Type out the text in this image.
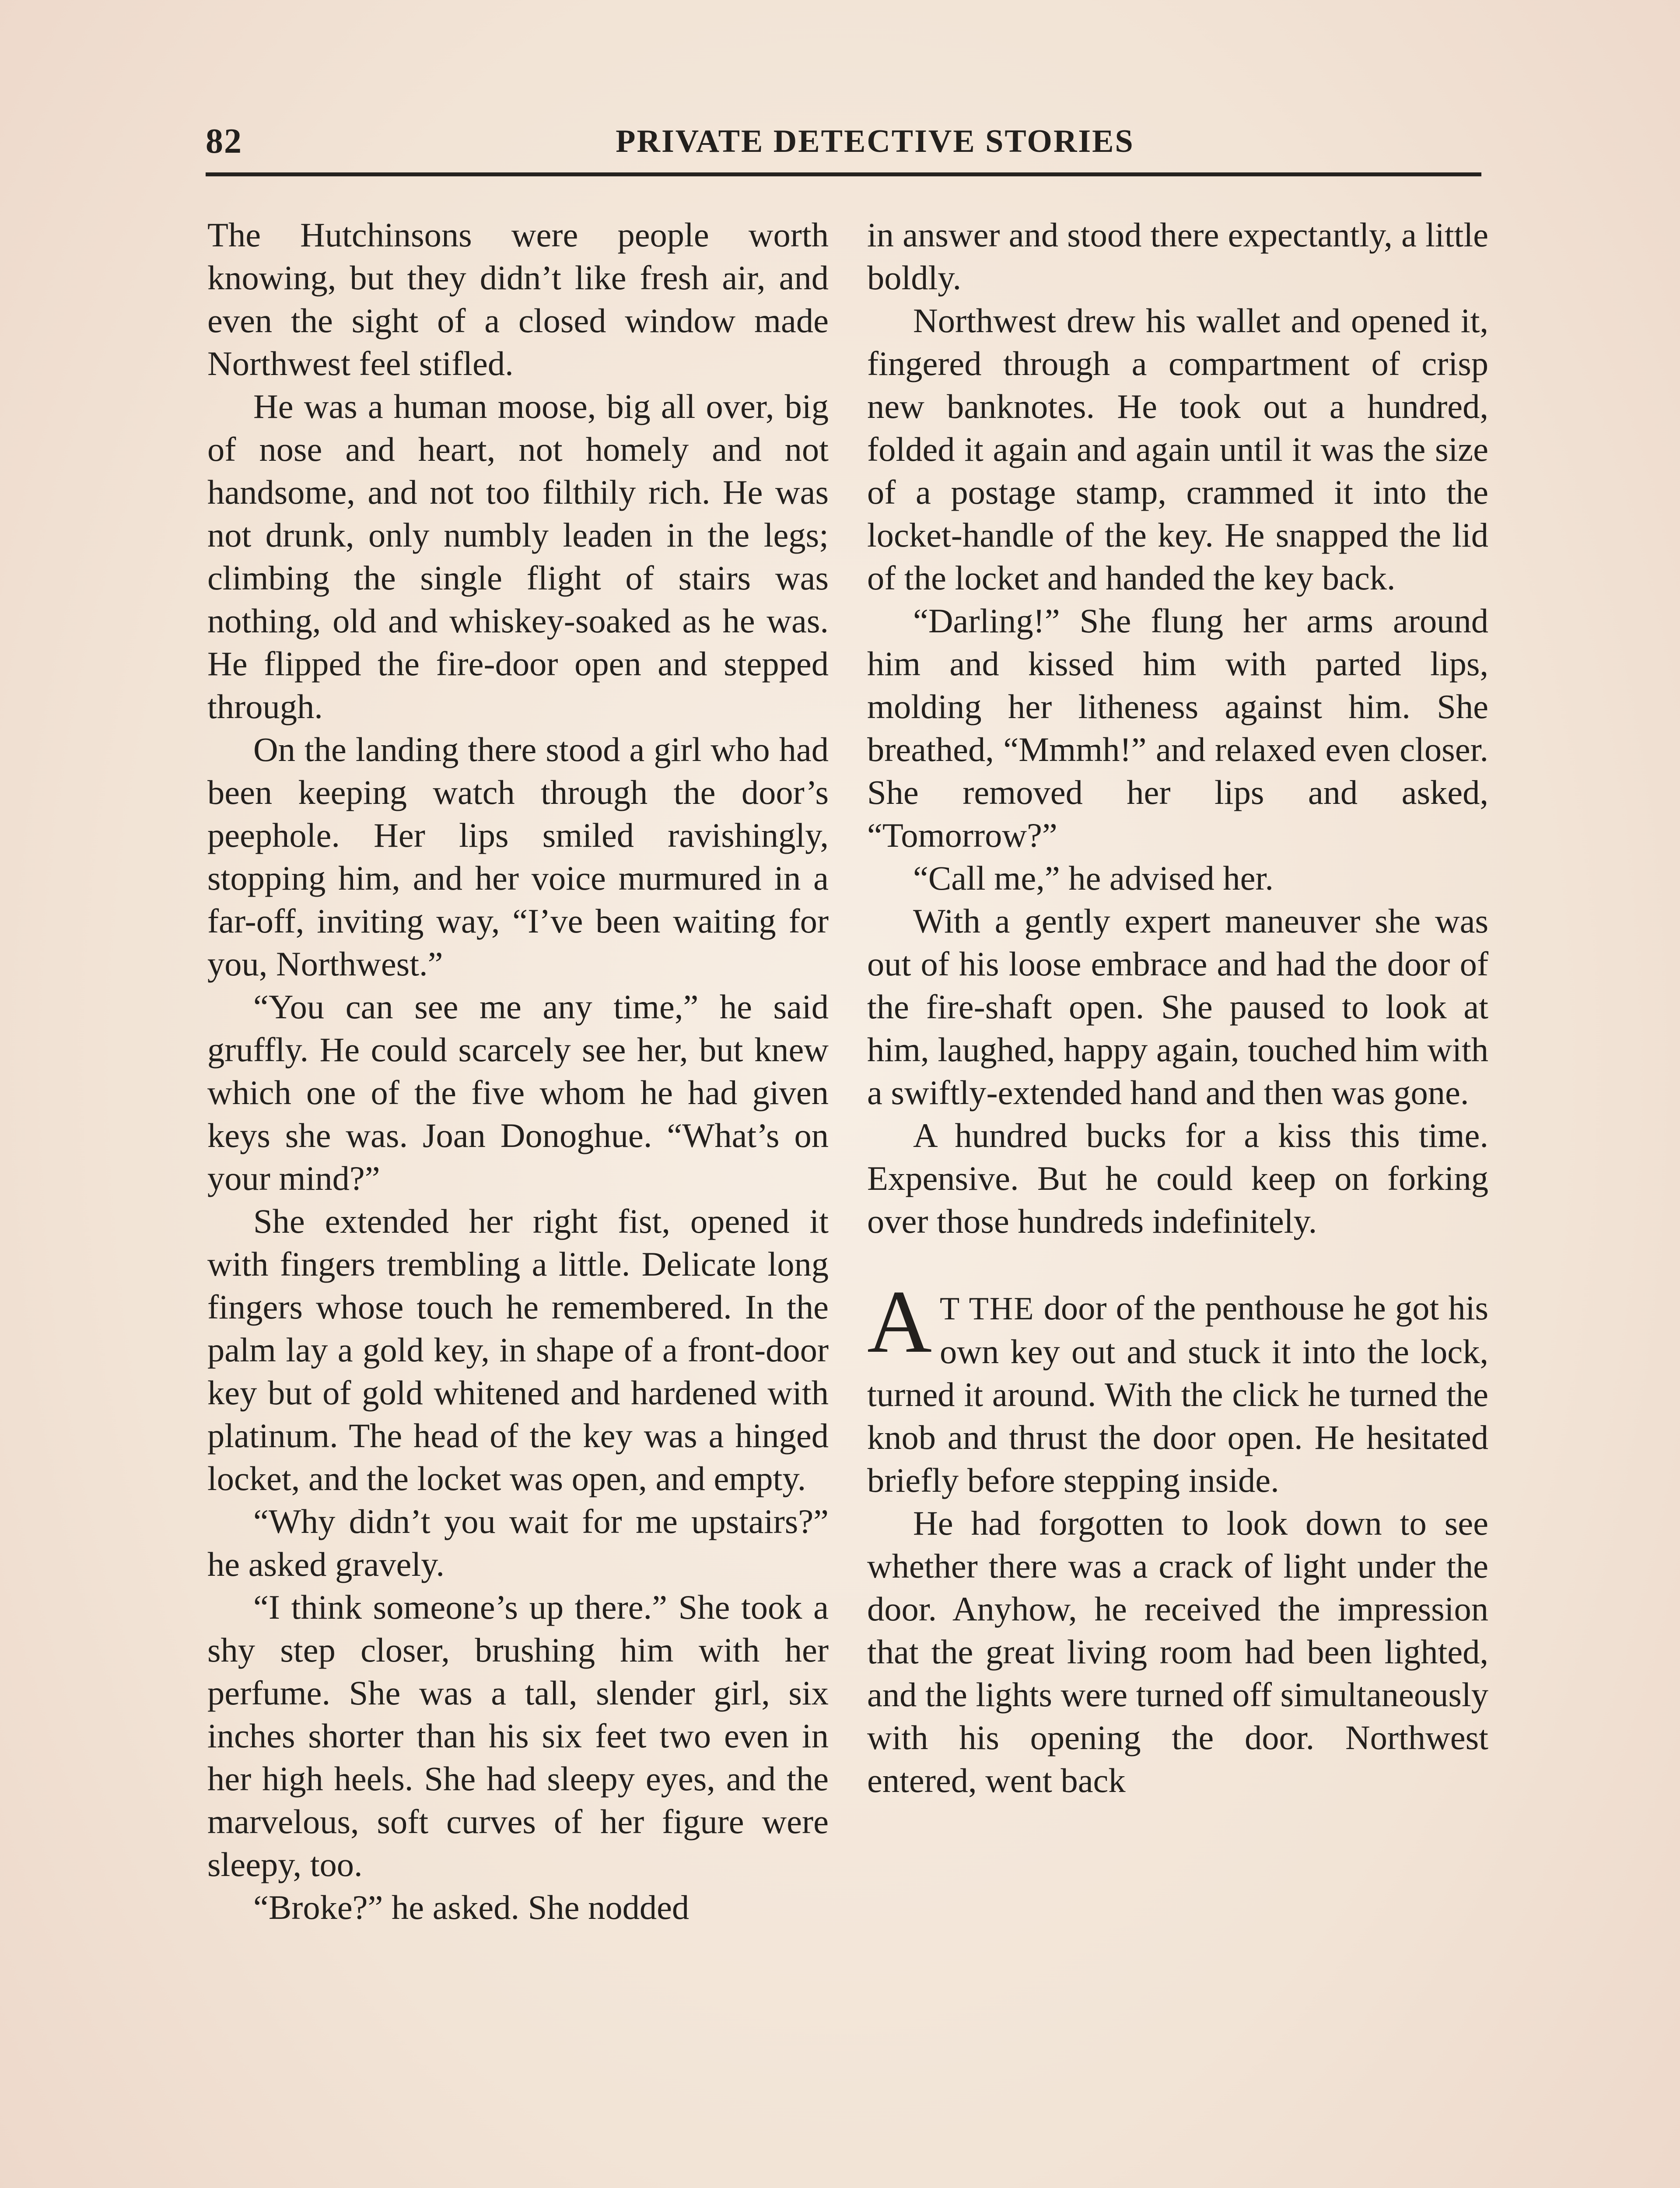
82	PRIVATE DETECTIVE STORIES

The Hutchinsons were people worth knowing, but they didn’t like fresh air, and even the sight of a closed window made Northwest feel stifled.

He was a human moose, big all over, big of nose and heart, not homely and not handsome, and not too filthily rich. He was not drunk, only numbly leaden in the legs; climbing the single flight of stairs was nothing, old and whiskey-soaked as he was. He flipped the fire-door open and stepped through.

On the landing there stood a girl who had been keeping watch through the door’s peephole. Her lips smiled ravishingly, stopping him, and her voice murmured in a far-off, inviting way, “I’ve been waiting for you, Northwest.”

“You can see me any time,” he said gruffly. He could scarcely see her, but knew which one of the five whom he had given keys she was. Joan Donoghue. “What’s on your mind?”

She extended her right fist, opened it with fingers trembling a little. Delicate long fingers whose touch he remembered. In the palm lay a gold key, in shape of a front-door key but of gold whitened and hardened with platinum. The head of the key was a hinged locket, and the locket was open, and empty.

“Why didn’t you wait for me upstairs?” he asked gravely.

“I think someone’s up there.” She took a shy step closer, brushing him with her perfume. She was a tall, slender girl, six inches shorter than his six feet two even in her high heels. She had sleepy eyes, and the marvelous, soft curves of her figure were sleepy, too.

“Broke?” he asked. She nodded

in answer and stood there expectantly, a little boldly.

Northwest drew his wallet and opened it, fingered through a compartment of crisp new banknotes. He took out a hundred, folded it again and again until it was the size of a postage stamp, crammed it into the locket-handle of the key. He snapped the lid of the locket and handed the key back.

“Darling!” She flung her arms around him and kissed him with parted lips, molding her litheness against him. She breathed, “Mmmh!” and relaxed even closer. She removed her lips and asked, “Tomorrow?”

“Call me,” he advised her.

With a gently expert maneuver she was out of his loose embrace and had the door of the fire-shaft open. She paused to look at him, laughed, happy again, touched him with a swiftly-extended hand and then was gone.

A hundred bucks for a kiss this time. Expensive. But he could keep on forking over those hundreds indefinitely.

A T THE door of the penthouse he got his own key out and stuck it into the lock, turned it around. With the click he turned the knob and thrust the door open. He hesitated briefly before stepping inside.

He had forgotten to look down to see whether there was a crack of light under the door. Anyhow, he received the impression that the great living room had been lighted, and the lights were turned off simultaneously with his opening the door. Northwest entered, went back
